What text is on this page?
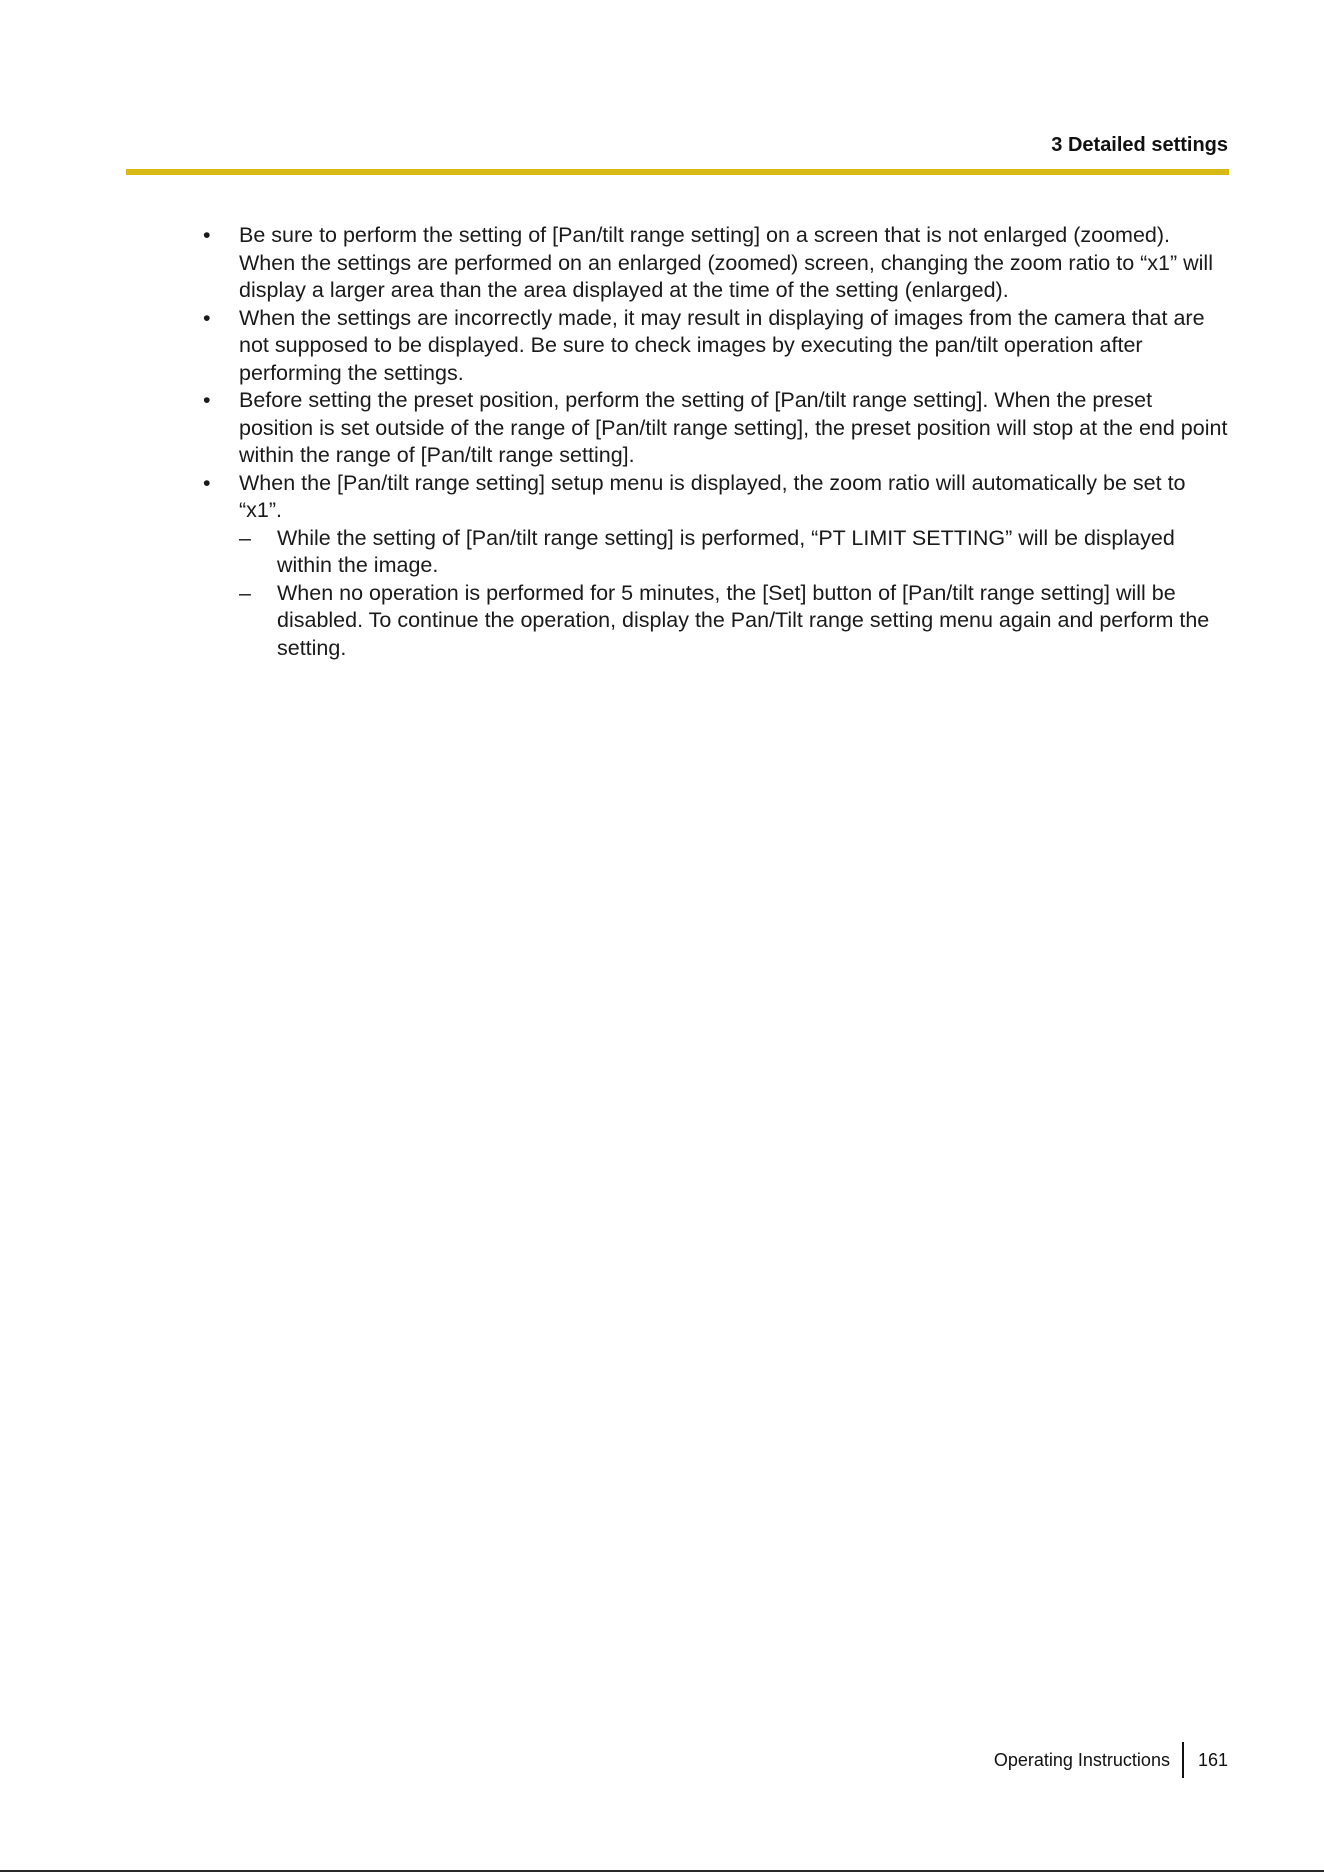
3 Detailed settings
• Be sure to perform the setting of [Pan/tilt range setting] on a screen that is not enlarged (zoomed). When the settings are performed on an enlarged (zoomed) screen, changing the zoom ratio to “x1” will display a larger area than the area displayed at the time of the setting (enlarged).
• When the settings are incorrectly made, it may result in displaying of images from the camera that are not supposed to be displayed. Be sure to check images by executing the pan/tilt operation after performing the settings.
• Before setting the preset position, perform the setting of [Pan/tilt range setting]. When the preset position is set outside of the range of [Pan/tilt range setting], the preset position will stop at the end point within the range of [Pan/tilt range setting].
• When the [Pan/tilt range setting] setup menu is displayed, the zoom ratio will automatically be set to “x1”.
– While the setting of [Pan/tilt range setting] is performed, “PT LIMIT SETTING” will be displayed within the image.
– When no operation is performed for 5 minutes, the [Set] button of [Pan/tilt range setting] will be disabled. To continue the operation, display the Pan/Tilt range setting menu again and perform the setting.
Operating Instructions 161
